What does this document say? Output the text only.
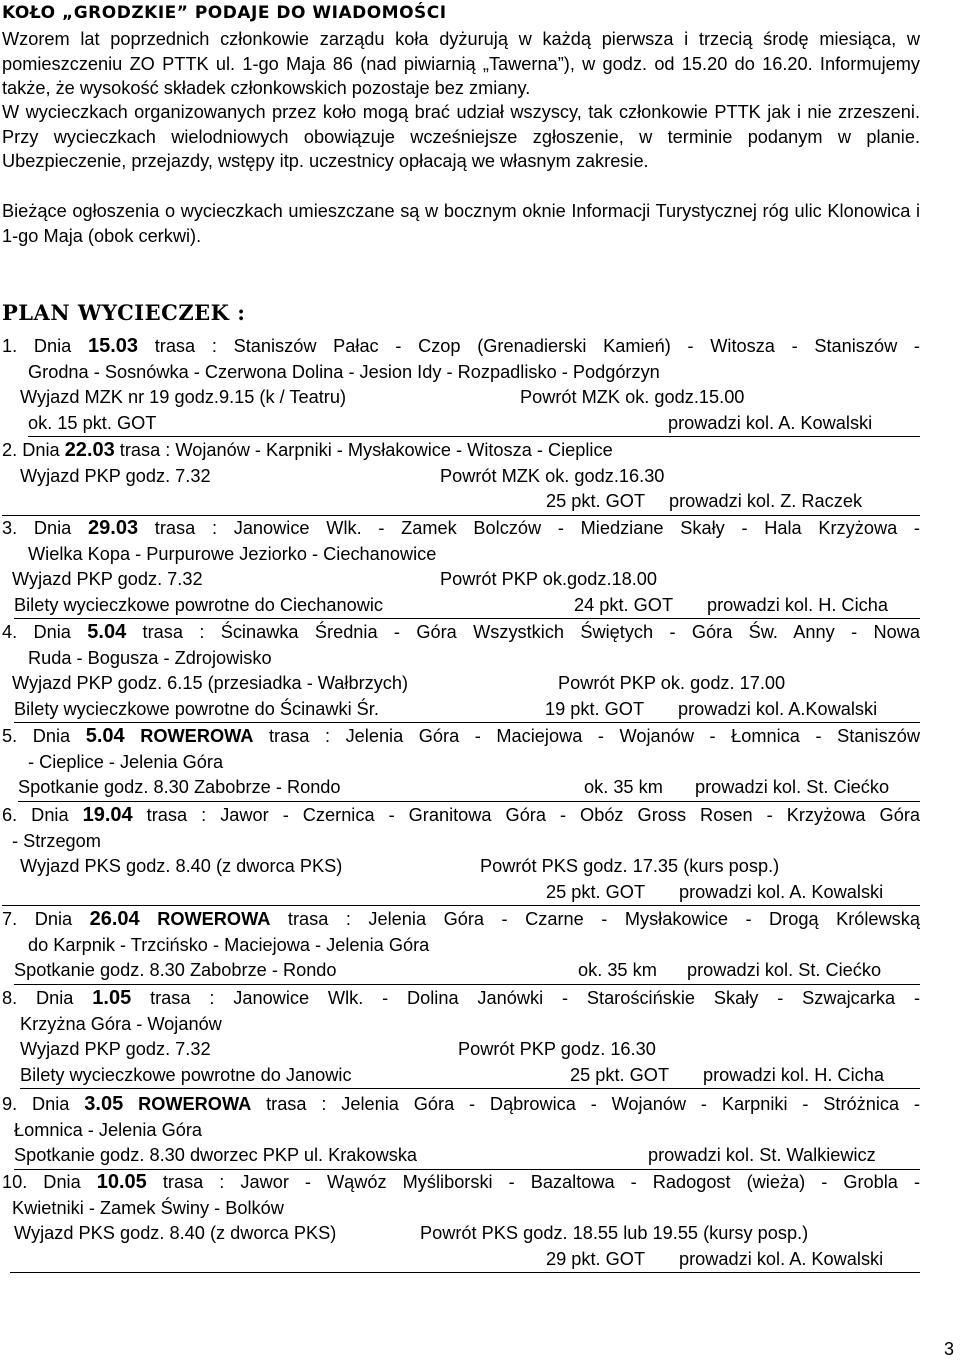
KOŁO „GRODZKIE” PODAJE DO WIADOMOŚCI
Wzorem lat poprzednich członkowie zarządu koła dyżurują w każdą pierwsza i trzecią środę miesiąca, w pomieszczeniu ZO PTTK ul. 1-go Maja 86 (nad piwiarnią „Tawerna”), w godz. od 15.20 do 16.20. Informujemy także, że wysokość składek członkowskich pozostaje bez zmiany.
W wycieczkach organizowanych przez koło mogą brać udział wszyscy, tak członkowie PTTK jak i nie zrzeszeni. Przy wycieczkach wielodniowych obowiązuje wcześniejsze zgłoszenie, w terminie podanym w planie. Ubezpieczenie, przejazdy, wstępy itp. uczestnicy opłacają we własnym zakresie.
Bieżące ogłoszenia o wycieczkach umieszczane są w bocznym oknie Informacji Turystycznej róg ulic Klonowica i 1-go Maja (obok cerkwi).
PLAN WYCIECZEK :
1. Dnia 15.03 trasa : Staniszów Pałac - Czop (Grenadierski Kamień) - Witosza - Staniszów -
Grodna - Sosnówka - Czerwona Dolina - Jesion Idy - Rozpadlisko - Podgórzyn
Wyjazd MZK nr 19 godz.9.15 (k / Teatru)	Powrót MZK ok. godz.15.00
ok. 15 pkt. GOT	prowadzi kol. A. Kowalski
2. Dnia 22.03 trasa : Wojanów - Karpniki - Mysłakowice - Witosza - Cieplice
Wyjazd PKP godz. 7.32	Powrót MZK ok. godz.16.30
25 pkt. GOT prowadzi kol. Z. Raczek
3. Dnia 29.03 trasa : Janowice Wlk. - Zamek Bolczów - Miedziane Skały - Hala Krzyżowa -
Wielka Kopa - Purpurowe Jeziorko - Ciechanowice
Wyjazd PKP godz. 7.32	Powrót PKP ok.godz.18.00
Bilety wycieczkowe powrotne do Ciechanowic	24 pkt. GOT prowadzi kol. H. Cicha
4. Dnia 5.04 trasa : Ścinawka Średnia - Góra Wszystkich Świętych - Góra Św. Anny - Nowa
Ruda - Bogusza - Zdrojowisko
Wyjazd PKP godz. 6.15 (przesiadka - Wałbrzych)	Powrót PKP ok. godz. 17.00
Bilety wycieczkowe powrotne do Ścinawki Śr.	19 pkt. GOT prowadzi kol. A.Kowalski
5. Dnia 5.04 ROWEROWA trasa : Jelenia Góra - Maciejowa - Wojanów - Łomnica - Staniszów
- Cieplice - Jelenia Góra
Spotkanie godz. 8.30 Zabobrze - Rondo	ok. 35 km prowadzi kol. St. Ciećko
6. Dnia 19.04 trasa : Jawor - Czernica - Granitowa Góra - Obóz Gross Rosen - Krzyżowa Góra
- Strzegom
Wyjazd PKS godz. 8.40 (z dworca PKS)	Powrót PKS godz. 17.35 (kurs posp.)
25 pkt. GOT prowadzi kol. A. Kowalski
7. Dnia 26.04 ROWEROWA trasa : Jelenia Góra - Czarne - Mysłakowice - Drogą Królewską
do Karpnik - Trzcińsko - Maciejowa - Jelenia Góra
Spotkanie godz. 8.30 Zabobrze - Rondo	ok. 35 km prowadzi kol. St. Ciećko
8. Dnia 1.05 trasa : Janowice Wlk. - Dolina Janówki - Starościńskie Skały - Szwajcarka -
Krzyżna Góra - Wojanów
Wyjazd PKP godz. 7.32	Powrót PKP godz. 16.30
Bilety wycieczkowe powrotne do Janowic	25 pkt. GOT prowadzi kol. H. Cicha
9. Dnia 3.05 ROWEROWA trasa : Jelenia Góra - Dąbrowica - Wojanów - Karpniki - Stróżnica -
Łomnica - Jelenia Góra
Spotkanie godz. 8.30 dworzec PKP ul. Krakowska	prowadzi kol. St. Walkiewicz
10. Dnia 10.05 trasa : Jawor - Wąwóz Myśliborski - Bazaltowa - Radogost (wieża) - Grobla -
Kwietniki - Zamek Świny - Bolków
Wyjazd PKS godz. 8.40 (z dworca PKS)	Powrót PKS godz. 18.55 lub 19.55 (kursy posp.)
29 pkt. GOT prowadzi kol. A. Kowalski
3
